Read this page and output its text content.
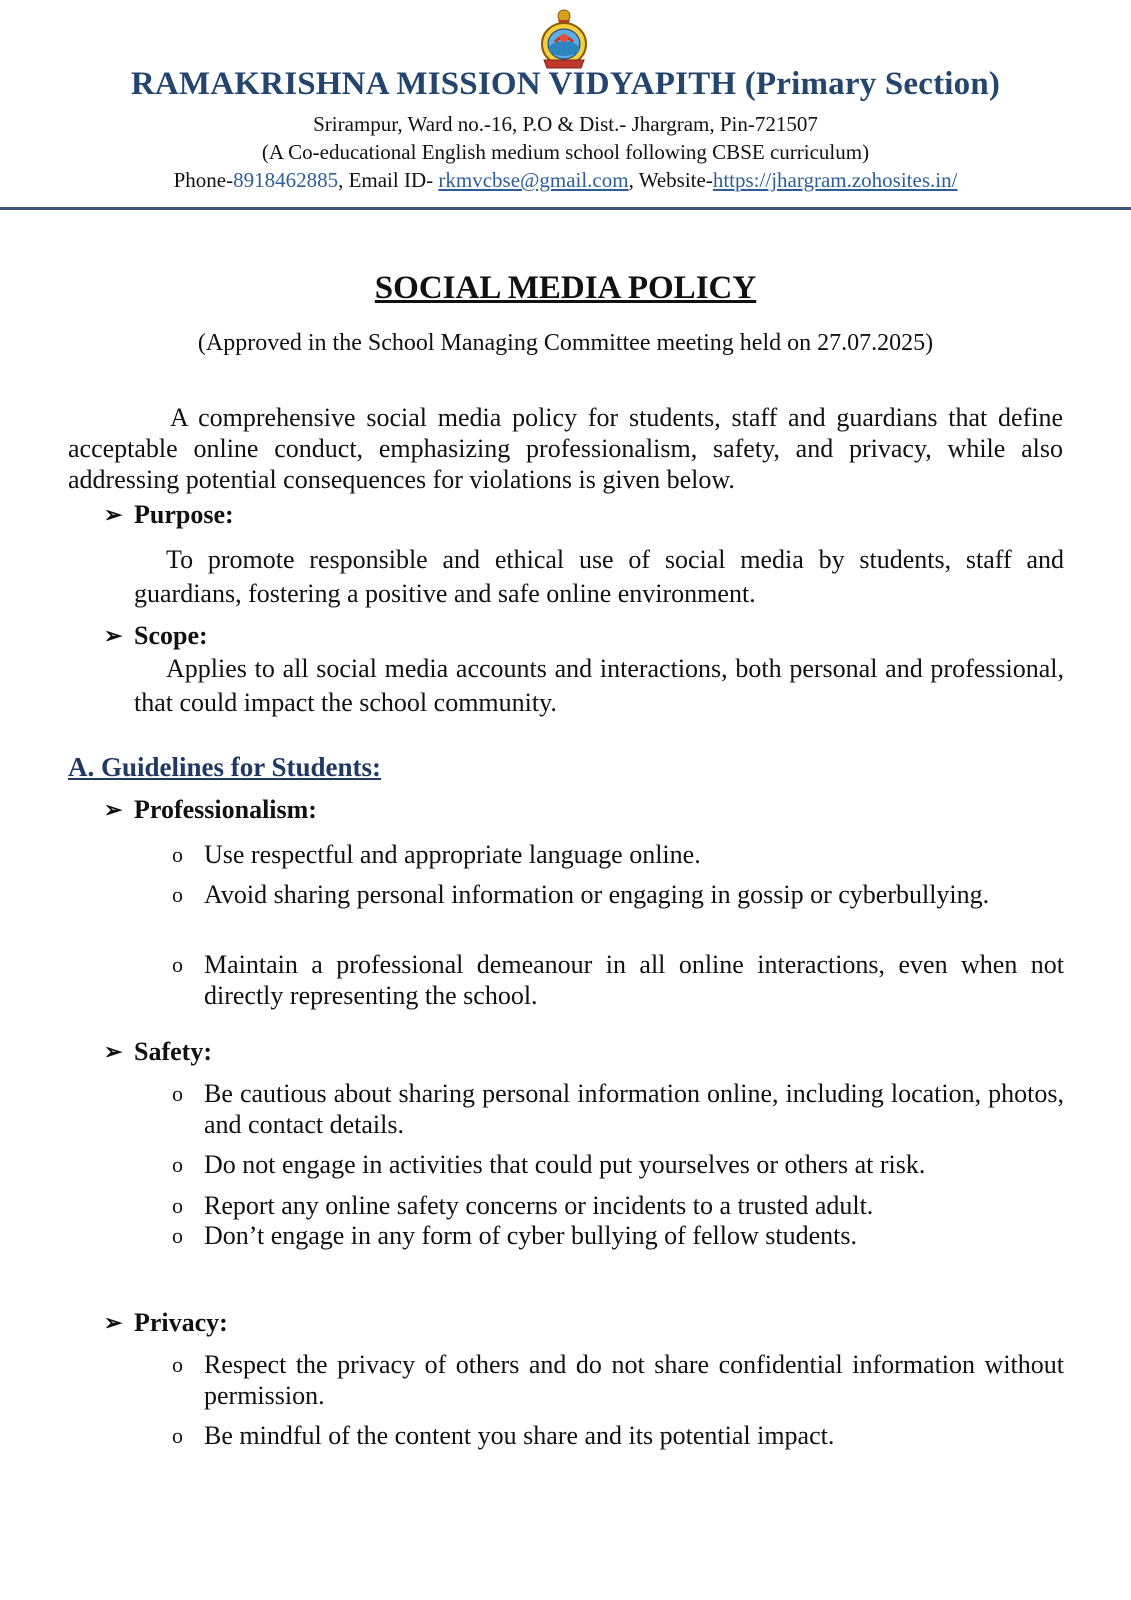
RAMAKRISHNA MISSION VIDYAPITH (Primary Section)
Srirampur, Ward no.-16, P.O & Dist.- Jhargram, Pin-721507
(A Co-educational English medium school following CBSE curriculum)
Phone-8918462885, Email ID- rkmvcbse@gmail.com, Website-https://jhargram.zohosites.in/
SOCIAL MEDIA POLICY
(Approved in the School Managing Committee meeting held on 27.07.2025)
A comprehensive social media policy for students, staff and guardians that define acceptable online conduct, emphasizing professionalism, safety, and privacy, while also addressing potential consequences for violations is given below.
➢ Purpose:
To promote responsible and ethical use of social media by students, staff and guardians, fostering a positive and safe online environment.
➢ Scope:
Applies to all social media accounts and interactions, both personal and professional, that could impact the school community.
A. Guidelines for Students:
➢ Professionalism:
o Use respectful and appropriate language online.
o Avoid sharing personal information or engaging in gossip or cyberbullying.
o Maintain a professional demeanour in all online interactions, even when not directly representing the school.
➢ Safety:
o Be cautious about sharing personal information online, including location, photos, and contact details.
o Do not engage in activities that could put yourselves or others at risk.
o Report any online safety concerns or incidents to a trusted adult.
o Don’t engage in any form of cyber bullying of fellow students.
➢ Privacy:
o Respect the privacy of others and do not share confidential information without permission.
o Be mindful of the content you share and its potential impact.
